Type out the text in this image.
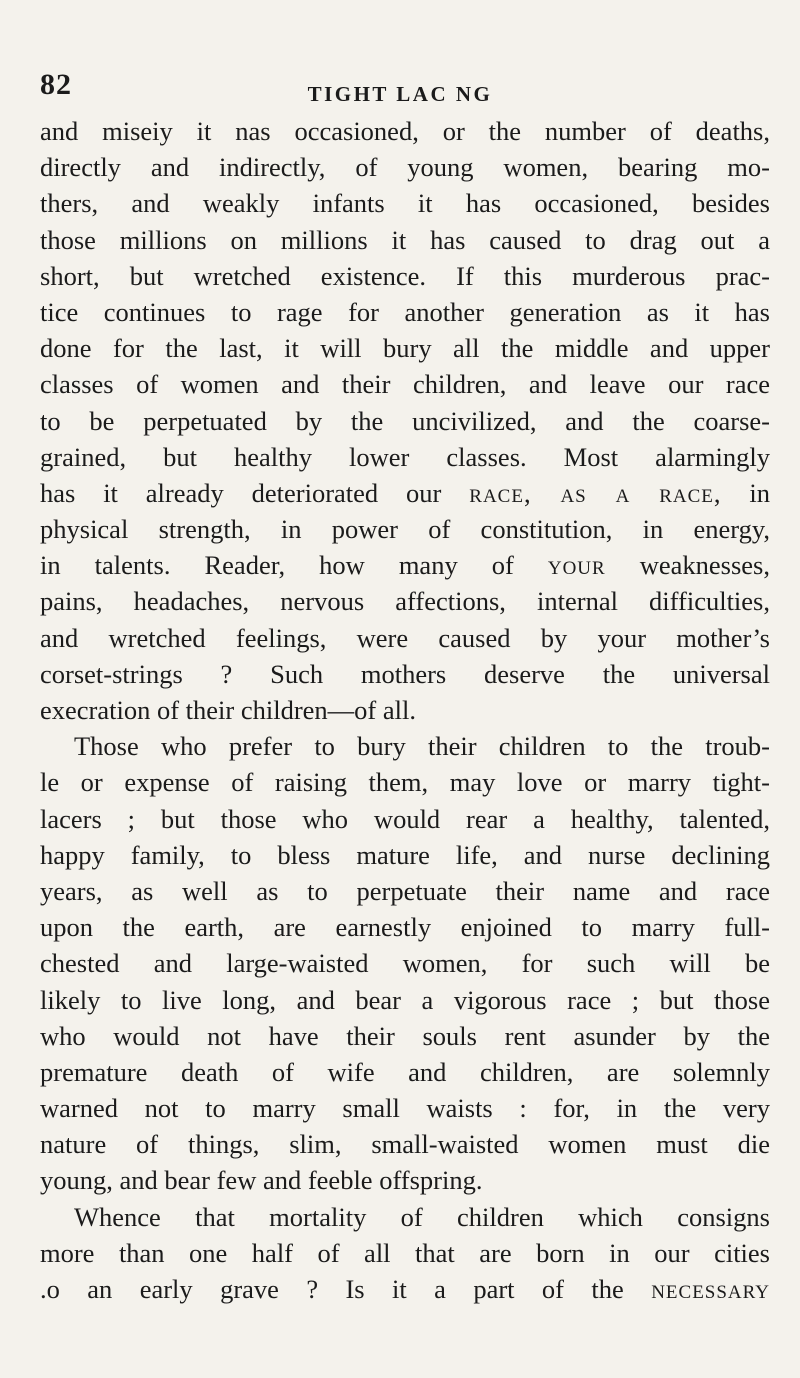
82	TIGHT LAC NG
and miseiy it nas occasioned, or the number of deaths,
directly and indirectly, of young women, bearing mo-
thers, and weakly infants it has occasioned, besides
those millions on millions it has caused to drag out a
short, but wretched existence. If this murderous prac-
tice continues to rage for another generation as it has
done for the last, it will bury all the middle and upper
classes of women and their children, and leave our race
to be perpetuated by the uncivilized, and the coarse-
grained, but healthy lower classes. Most alarmingly
has it already deteriorated our race, as a race, in
physical strength, in power of constitution, in energy,
in talents. Reader, how many of your weaknesses,
pains, headaches, nervous affections, internal difficulties,
and wretched feelings, were caused by your mother’s
corset-strings ? Such mothers deserve the universal
execration of their children—of all.
Those who prefer to bury their children to the troub-
le or expense of raising them, may love or marry tight-
lacers ; but those who would rear a healthy, talented,
happy family, to bless mature life, and nurse declining
years, as well as to perpetuate their name and race
upon the earth, are earnestly enjoined to marry full-
chested and large-waisted women, for such will be
likely to live long, and bear a vigorous race ; but those
who would not have their souls rent asunder by the
premature death of wife and children, are solemnly
warned not to marry small waists : for, in the very
nature of things, slim, small-waisted women must die
young, and bear few and feeble offspring.
Whence that mortality of children which consigns
more than one half of all that are born in our cities
.o an early grave ? Is it a part of the necessary
